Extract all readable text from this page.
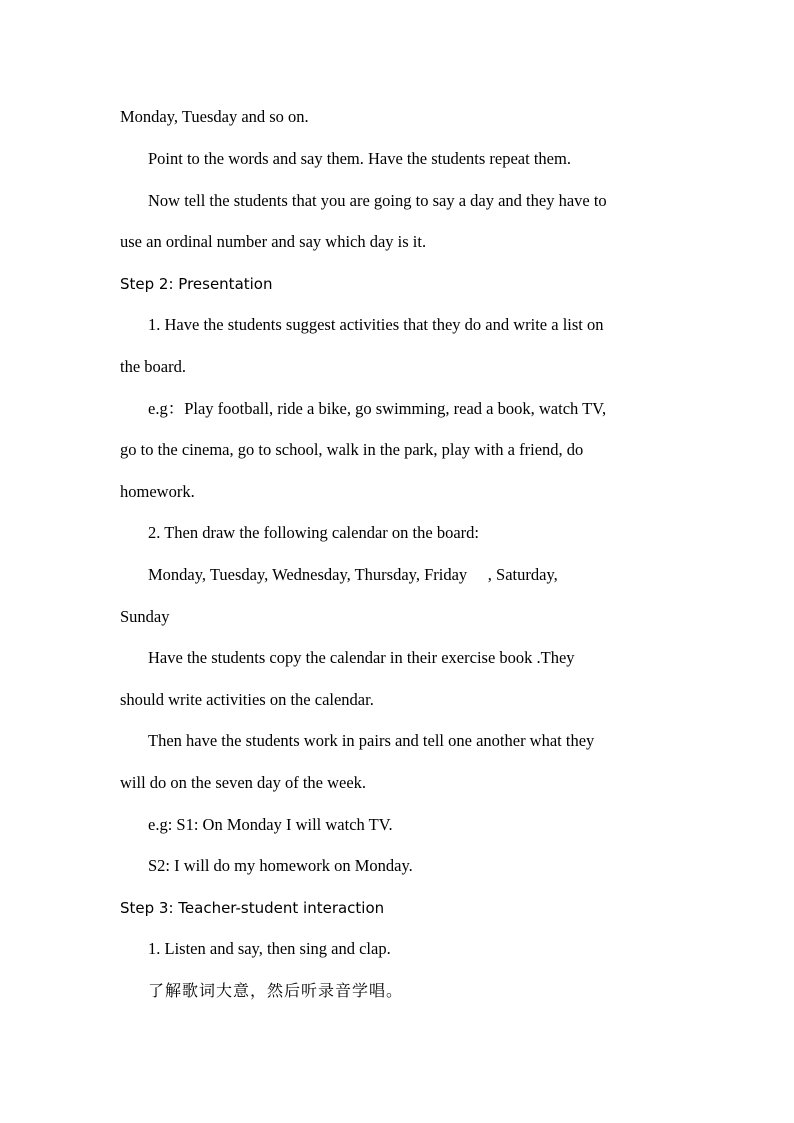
Monday, Tuesday and so on.
Point to the words and say them. Have the students repeat them.
Now tell the students that you are going to say a day and they have to
use an ordinal number and say which day is it.
Step 2: Presentation
1. Have the students suggest activities that they do and write a list on
the board.
e.g：Play football, ride a bike, go swimming, read a book, watch TV,
go to the cinema, go to school, walk in the park, play with a friend, do
homework.
2. Then draw the following calendar on the board:
Monday, Tuesday, Wednesday, Thursday, Friday     , Saturday,
Sunday
Have the students copy the calendar in their exercise book .They
should write activities on the calendar.
Then have the students work in pairs and tell one another what they
will do on the seven day of the week.
e.g: S1: On Monday I will watch TV.
S2: I will do my homework on Monday.
Step 3: Teacher-student interaction
1. Listen and say, then sing and clap.
了解歌词大意，然后听录音学唱。
